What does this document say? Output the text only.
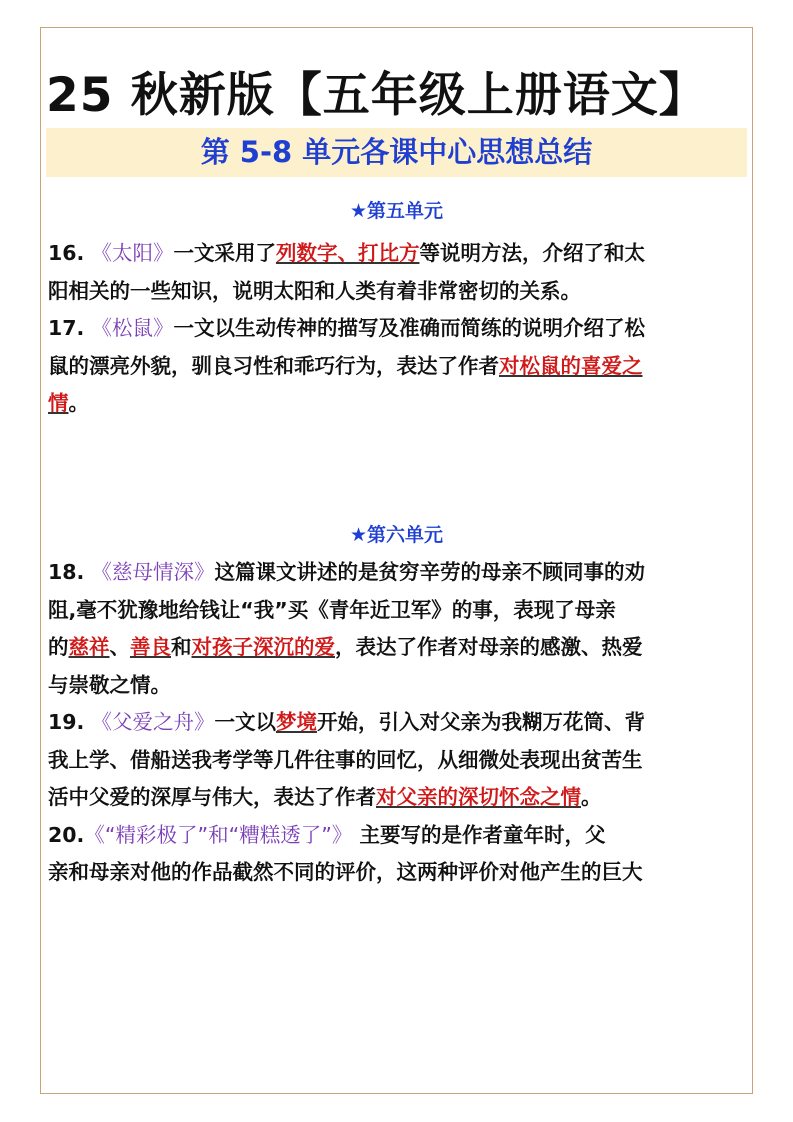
25 秋新版【五年级上册语文】
第 5-8 单元各课中心思想总结
★第五单元
16. 《太阳》一文采用了列数字、打比方等说明方法，介绍了和太
阳相关的一些知识，说明太阳和人类有着非常密切的关系。
17. 《松鼠》一文以生动传神的描写及准确而简练的说明介绍了松
鼠的漂亮外貌，驯良习性和乖巧行为，表达了作者对松鼠的喜爱之
情。
★第六单元
18. 《慈母情深》这篇课文讲述的是贫穷辛劳的母亲不顾同事的劝
阻,毫不犹豫地给钱让“我”买《青年近卫军》的事，表现了母亲
的慈祥、善良和对孩子深沉的爱，表达了作者对母亲的感激、热爱
与崇敬之情。
19. 《父爱之舟》一文以梦境开始，引入对父亲为我糊万花筒、背
我上学、借船送我考学等几件往事的回忆，从细微处表现出贫苦生
活中父爱的深厚与伟大，表达了作者对父亲的深切怀念之情。
20.《“精彩极了”和“糟糕透了”》 主要写的是作者童年时，父
亲和母亲对他的作品截然不同的评价，这两种评价对他产生的巨大
